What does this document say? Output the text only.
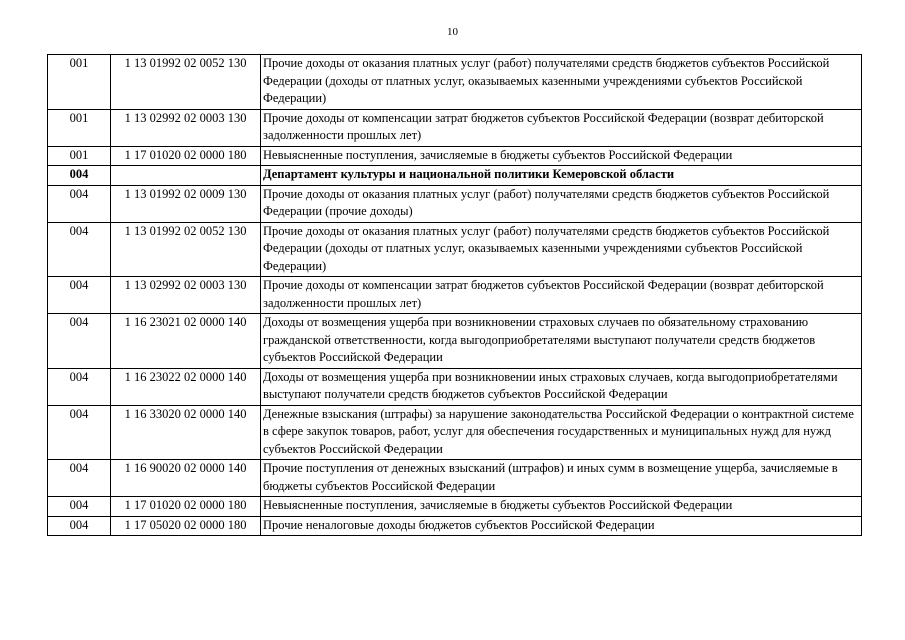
10
001	1 13 01992 02 0052 130	Прочие доходы от оказания платных услуг (работ) получателями средств бюджетов субъектов Российской Федерации (доходы от платных услуг, оказываемых казенными учреждениями субъектов Российской Федерации)
001	1 13 02992 02 0003 130	Прочие доходы от компенсации затрат бюджетов субъектов Российской Федерации (возврат дебиторской задолженности прошлых лет)
001	1 17 01020 02 0000 180	Невыясненные поступления, зачисляемые в бюджеты субъектов Российской Федерации
004		Департамент культуры и национальной политики Кемеровской области
004	1 13 01992 02 0009 130	Прочие доходы от оказания платных услуг (работ) получателями средств бюджетов субъектов Российской Федерации (прочие доходы)
004	1 13 01992 02 0052 130	Прочие доходы от оказания платных услуг (работ) получателями средств бюджетов субъектов Российской Федерации (доходы от платных услуг, оказываемых казенными учреждениями субъектов Российской Федерации)
004	1 13 02992 02 0003 130	Прочие доходы от компенсации затрат бюджетов субъектов Российской Федерации (возврат дебиторской задолженности прошлых лет)
004	1 16 23021 02 0000 140	Доходы от возмещения ущерба при возникновении страховых случаев по обязательному страхованию гражданской ответственности, когда выгодоприобретателями выступают получатели средств бюджетов субъектов Российской Федерации
004	1 16 23022 02 0000 140	Доходы от возмещения ущерба при возникновении иных страховых случаев, когда выгодоприобретателями выступают получатели средств бюджетов субъектов Российской Федерации
004	1 16 33020 02 0000 140	Денежные взыскания (штрафы) за нарушение законодательства Российской Федерации о контрактной системе в сфере закупок товаров, работ, услуг для обеспечения государственных и муниципальных нужд для нужд субъектов Российской Федерации
004	1 16 90020 02 0000 140	Прочие поступления от денежных взысканий (штрафов) и иных сумм в возмещение ущерба, зачисляемые в бюджеты субъектов Российской Федерации
004	1 17 01020 02 0000 180	Невыясненные поступления, зачисляемые в бюджеты субъектов Российской Федерации
004	1 17 05020 02 0000 180	Прочие неналоговые доходы бюджетов субъектов Российской Федерации
